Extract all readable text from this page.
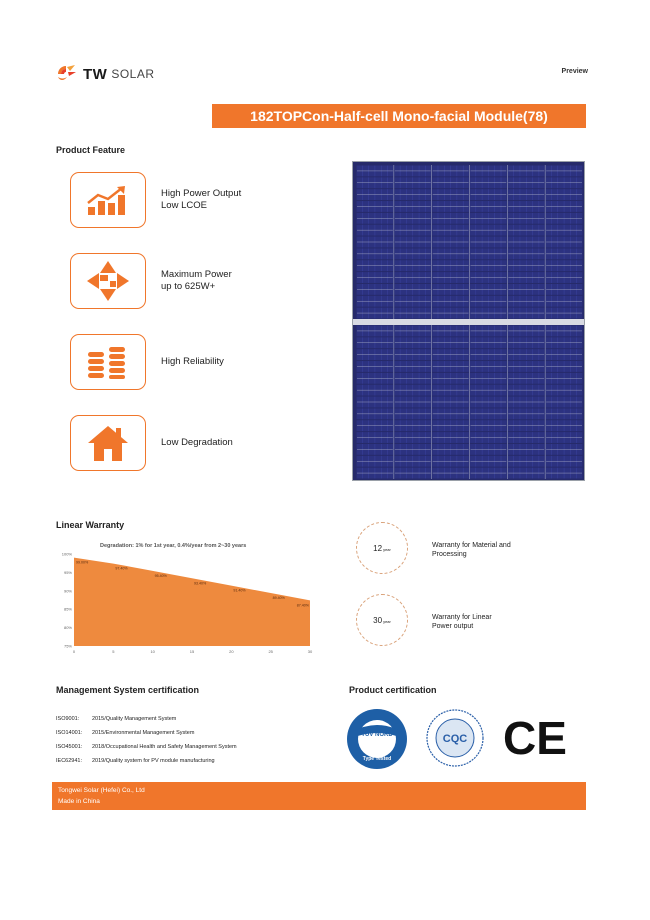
TW SOLAR	Preview
182TOPCon-Half-cell Mono-facial Module(78)
Product Feature
High Power Output
Low LCOE
Maximum Power
up to 625W+
High Reliability
Low Degradation
Linear Warranty
100%
95%
90%
85%
80%
75%
0	5	10	15	20	25	30
99.00%
97.40%
95.40%
93.40%
91.40%
89.40%
87.40%
Degradation: 1% for 1st year, 0.4%/year from 2~30 years	12 year
Warranty for Material and
Processing
30 year
Warranty for Linear
Power output
Management System certification
ISO9001: 2015/Quality Management System
ISO14001: 2015/Environmental Management System
ISO45001: 2018/Occupational Health and Safety Management System
IEC62941: 2019/Quality system for PV module manufacturing
Product certification
TÜV NORD
Type Tested
CQC CE
Tongwei Solar (Hefei) Co., Ltd
Made in China
